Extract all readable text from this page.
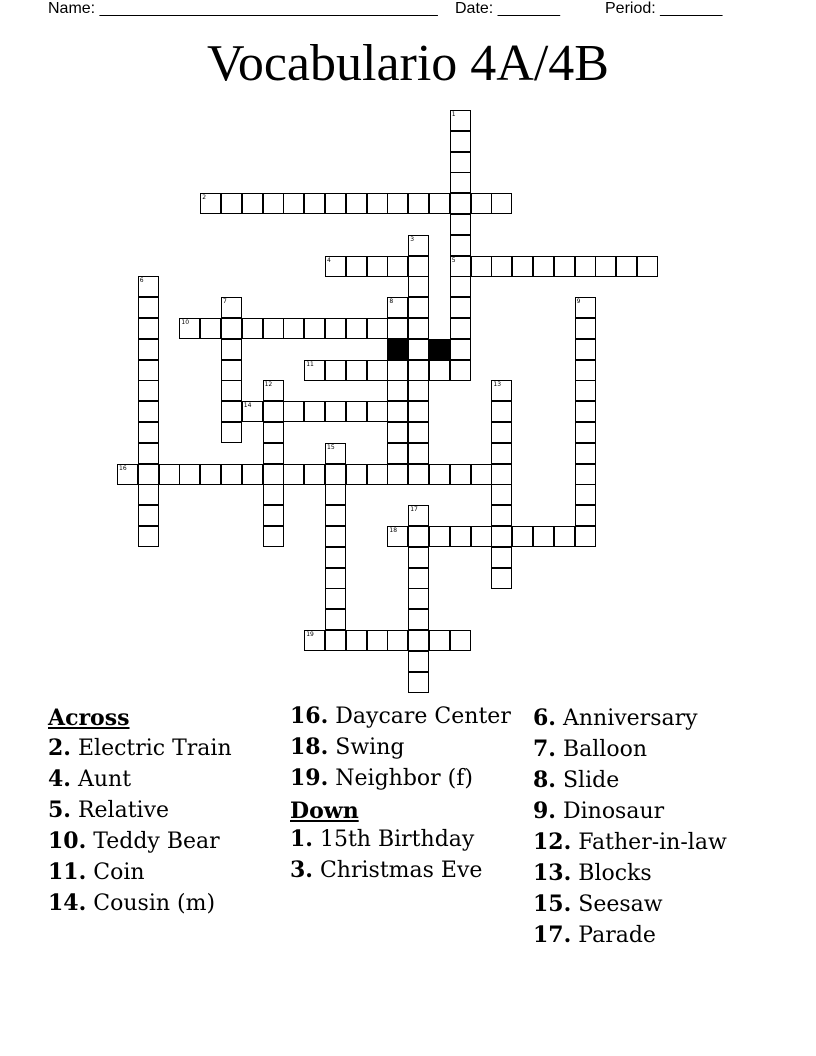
Name: ______________________________________ Date: _______	Period: _______
Vocabulario 4A/4B
1
5
2
3
4
6
7	8	9
10
11
12	13
14
15
16
17
18
19

Across

2. Electric Train

4. Aunt

5. Relative

10. Teddy Bear

11. Coin

14. Cousin (m)

16. Daycare Center

18. Swing

19. Neighbor (f)

Down

1. 15th Birthday

3. Christmas Eve

6. Anniversary

7. Balloon

8. Slide

9. Dinosaur

12. Father-in-law

13. Blocks

15. Seesaw

17. Parade
